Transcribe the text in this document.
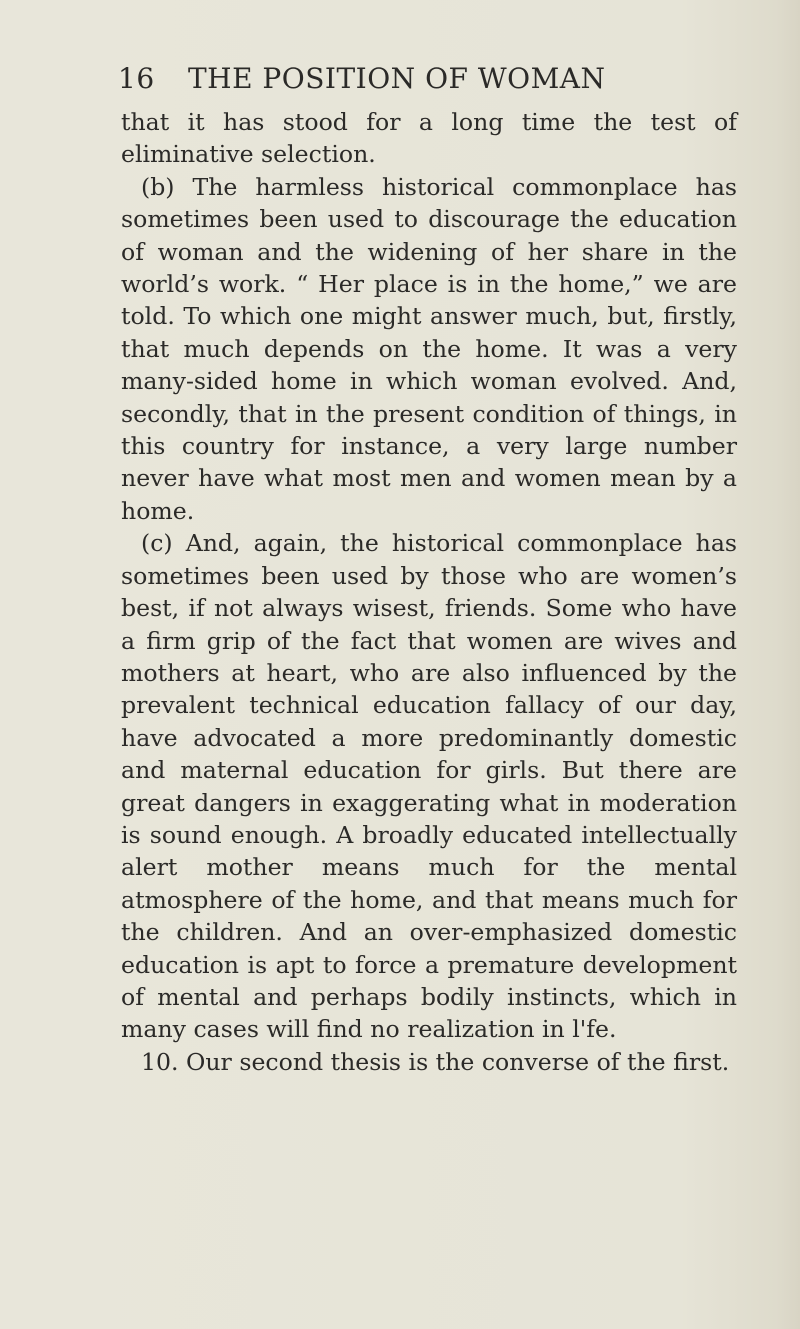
16 THE POSITION OF WOMAN

that it has stood for a long time the test of eliminative selection.

(b) The harmless historical commonplace has sometimes been used to discourage the education of woman and the widening of her share in the world’s work. “ Her place is in the home,” we are told. To which one might answer much, but, firstly, that much depends on the home. It was a very many-sided home in which woman evolved. And, secondly, that in the present condition of things, in this country for instance, a very large number never have what most men and women mean by a home.

(c) And, again, the historical commonplace has sometimes been used by those who are women’s best, if not always wisest, friends. Some who have a firm grip of the fact that women are wives and mothers at heart, who are also influenced by the prevalent technical education fallacy of our day, have advocated a more predominantly domestic and maternal education for girls. But there are great dangers in exaggerating what in moderation is sound enough. A broadly educated intellectually alert mother means much for the mental atmosphere of the home, and that means much for the children. And an over-emphasized domestic education is apt to force a premature development of mental and perhaps bodily instincts, which in many cases will find no realization in l'fe.

10. Our second thesis is the converse of the first.
